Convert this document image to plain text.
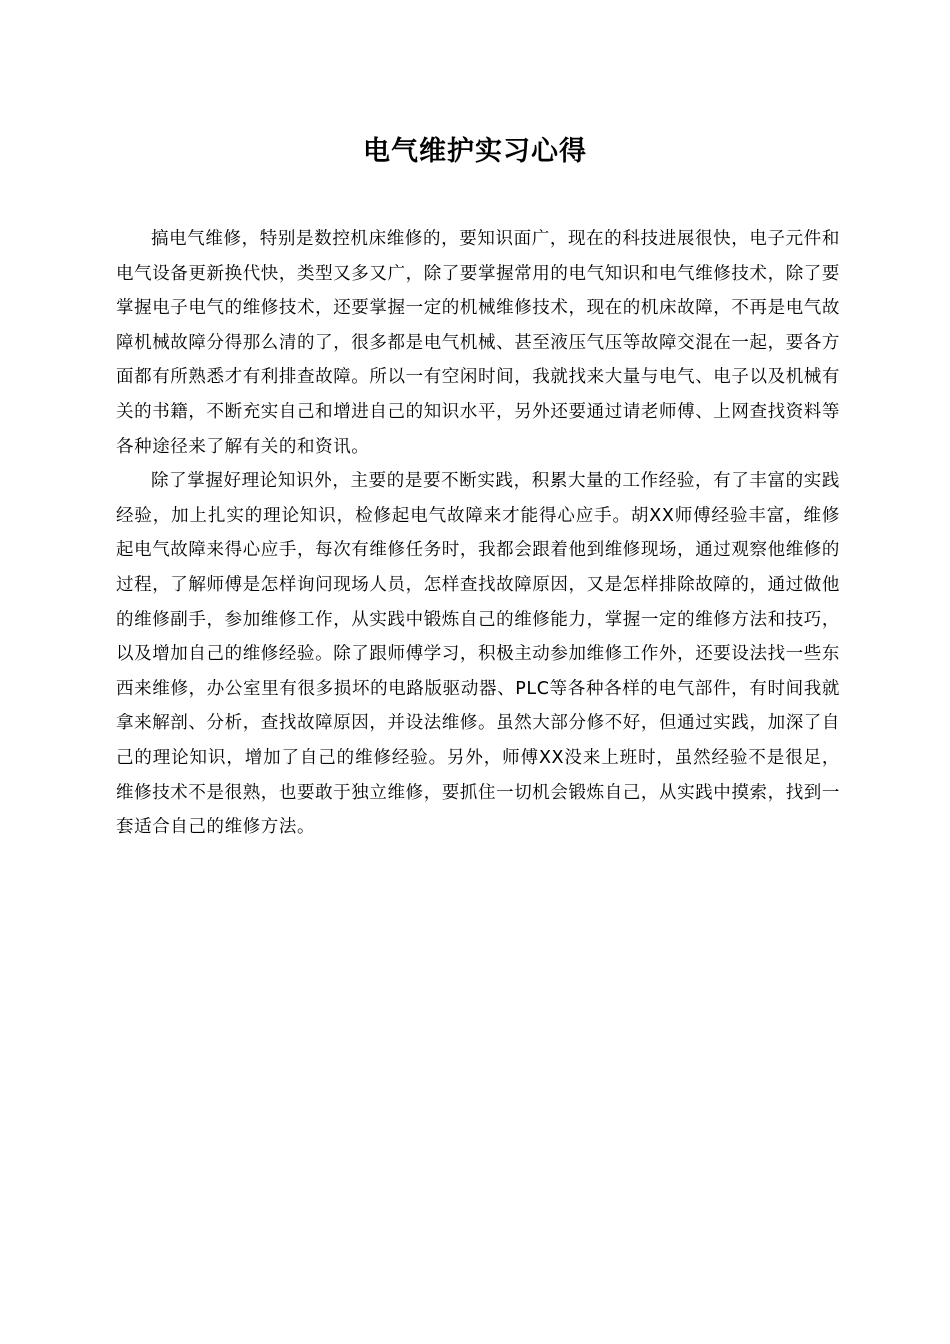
电气维护实习心得

搞电气维修，特别是数控机床维修的，要知识面广，现在的科技进展很快，电子元件和电气设备更新换代快，类型又多又广，除了要掌握常用的电气知识和电气维修技术，除了要掌握电子电气的维修技术，还要掌握一定的机械维修技术，现在的机床故障，不再是电气故障机械故障分得那么清的了，很多都是电气机械、甚至液压气压等故障交混在一起，要各方面都有所熟悉才有利排查故障。所以一有空闲时间，我就找来大量与电气、电子以及机械有关的书籍，不断充实自己和增进自己的知识水平，另外还要通过请老师傅、上网查找资料等各种途径来了解有关的和资讯。

除了掌握好理论知识外，主要的是要不断实践，积累大量的工作经验，有了丰富的实践经验，加上扎实的理论知识，检修起电气故障来才能得心应手。胡XX师傅经验丰富，维修起电气故障来得心应手，每次有维修任务时，我都会跟着他到维修现场，通过观察他维修的过程，了解师傅是怎样询问现场人员，怎样查找故障原因，又是怎样排除故障的，通过做他的维修副手，参加维修工作，从实践中锻炼自己的维修能力，掌握一定的维修方法和技巧，以及增加自己的维修经验。除了跟师傅学习，积极主动参加维修工作外，还要设法找一些东西来维修，办公室里有很多损坏的电路版驱动器、PLC等各种各样的电气部件，有时间我就拿来解剖、分析，查找故障原因，并设法维修。虽然大部分修不好，但通过实践，加深了自己的理论知识，增加了自己的维修经验。另外，师傅XX没来上班时，虽然经验不是很足，维修技术不是很熟，也要敢于独立维修，要抓住一切机会锻炼自己，从实践中摸索，找到一套适合自己的维修方法。
